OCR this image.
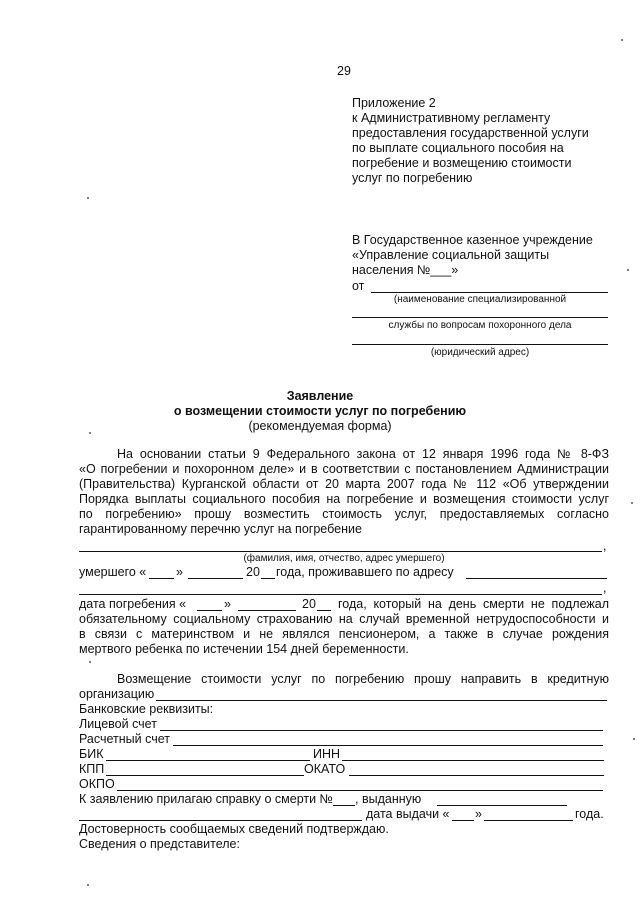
29
Приложение 2
к Административному регламенту
предоставления государственной услуги
по выплате социального пособия на
погребение и возмещению стоимости
услуг по погребению
В Государственное казенное учреждение
«Управление социальной защиты
населения №___»
от
(наименование специализированной
службы по вопросам похоронного дела
(юридический адрес)
Заявление
о возмещении стоимости услуг по погребению
(рекомендуемая форма)
На основании статьи 9 Федерального закона от 12 января 1996 года № 8-ФЗ
«О погребении и похоронном деле» и в соответствии с постановлением Администрации
(Правительства) Курганской области от 20 марта 2007 года № 112 «Об утверждении
Порядка выплаты социального пособия на погребение и возмещения стоимости услуг
по погребению» прошу возместить стоимость услуг, предоставляемых согласно
гарантированному перечню услуг на погребение
,
(фамилия, имя, отчество, адрес умершего)
умершего « »	20 года, проживавшего по адресу
,
дата погребения «	»	20 года, который на день смерти не подлежал
обязательному социальному страхованию на случай временной нетрудоспособности и
в связи с материнством и не являлся пенсионером, а также в случае рождения
мертвого ребенка по истечении 154 дней беременности.
Возмещение стоимости услуг по погребению прошу направить в кредитную
организацию
Банковские реквизиты:
Лицевой счет
Расчетный счет
БИК	ИНН
КПП	ОКАТО
ОКПО
К заявлению прилагаю справку о смерти № , выданную
дата выдачи « »	года.
Достоверность сообщаемых сведений подтверждаю.
Сведения о представителе:
